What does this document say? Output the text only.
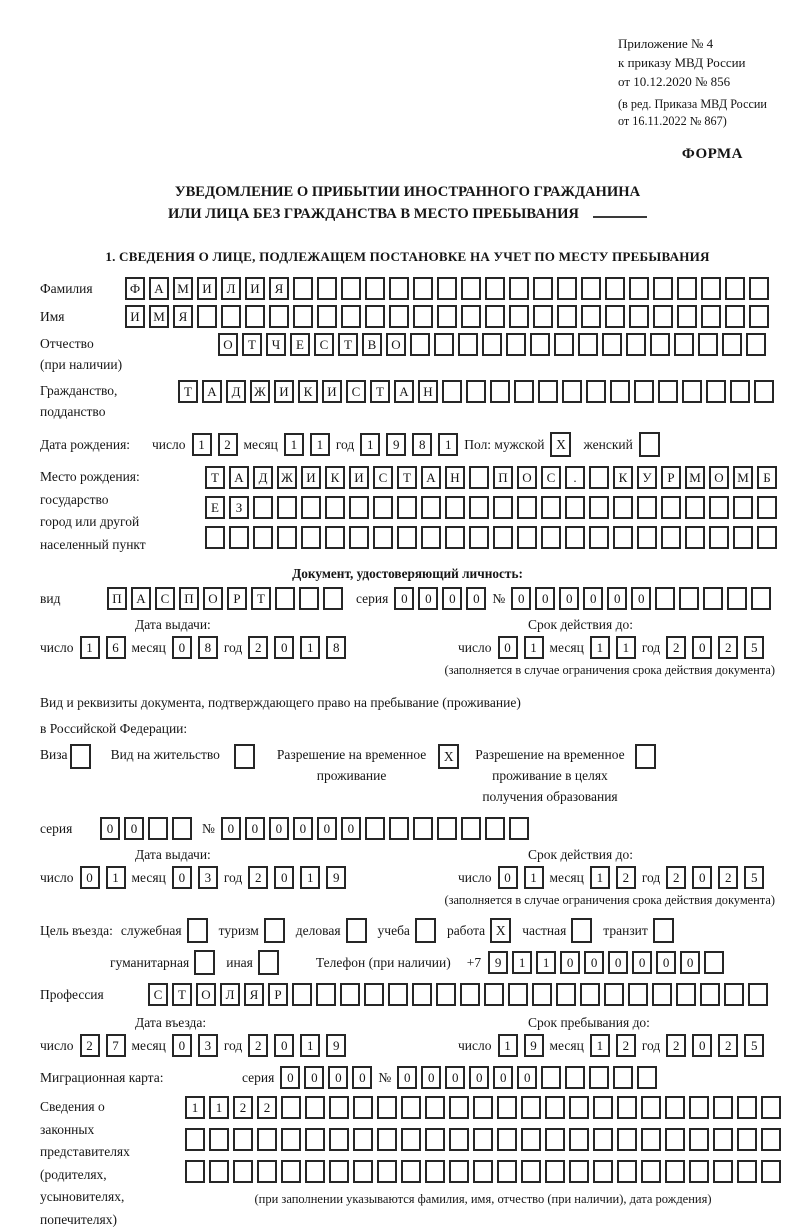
Приложение № 4
к приказу МВД России
от 10.12.2020 № 856
(в ред. Приказа МВД России
от 16.11.2022 № 867)
ФОРМА
УВЕДОМЛЕНИЕ О ПРИБЫТИИ ИНОСТРАННОГО ГРАЖДАНИНА
ИЛИ ЛИЦА БЕЗ ГРАЖДАНСТВА В МЕСТО ПРЕБЫВАНИЯ
1. СВЕДЕНИЯ О ЛИЦЕ, ПОДЛЕЖАЩЕМ ПОСТАНОВКЕ НА УЧЕТ ПО МЕСТУ ПРЕБЫВАНИЯ
Фамилия	Ф	А	М	И	Л	И	Я
Имя	И	М	Я
Отчество
(при наличии)
О	Т	Ч	Е	С	Т	В	О
Гражданство,
подданство
Т	А	Д	Ж	И	К	И	С	Т	А	Н
Дата рождения:	число 1	2 месяц 1	1 год 1	9	8	1 Пол: мужской X	женский
Место рождения:
государство
город или другой
населенный пункт
Т	А	Д	Ж	И	К	И	С	Т	А	Н	П	О	С	.	К	У	Р	М	О	М	Б
Е	З
Документ, удостоверяющий личность:
вид	П	А	С	П	О	Р	Т	серия 0	0	0	0 № 0	0	0	0	0	0
Дата выдачи:
число 1	6 месяц 0	8 год 2	0	1	8
Срок действия до:
число 0	1 месяц 1	1 год 2	0	2	5
(заполняется в случае ограничения срока действия документа)
Вид и реквизиты документа, подтверждающего право на пребывание (проживание)
в Российской Федерации:
Виза	Вид на жительство	Разрешение на временное
проживание
X	Разрешение на временное
проживание в целях
получения образования
серия	0	0	№ 0	0	0	0	0	0
Дата выдачи:
число 0	1 месяц 0	3 год 2	0	1	9
Срок действия до:
число 0	1 месяц 1	2 год 2	0	2	5
(заполняется в случае ограничения срока действия документа)
Цель въезда: служебная	туризм	деловая	учеба	работа X	частная	транзит
гуманитарная	иная	Телефон (при наличии) +7	9	1	1	0	0	0	0	0	0
Профессия	С	Т	О	Л	Я	Р
Дата въезда:
число 2	7 месяц 0	3 год 2	0	1	9
Срок пребывания до:
число 1	9 месяц 1	2 год 2	0	2	5
Миграционная карта:	серия 0	0	0	0 № 0	0	0	0	0	0
Сведения о
законных
представителях
(родителях,
усыновителях,
попечителях)
1	1	2	2
(при заполнении указываются фамилия, имя, отчество (при наличии), дата рождения)
